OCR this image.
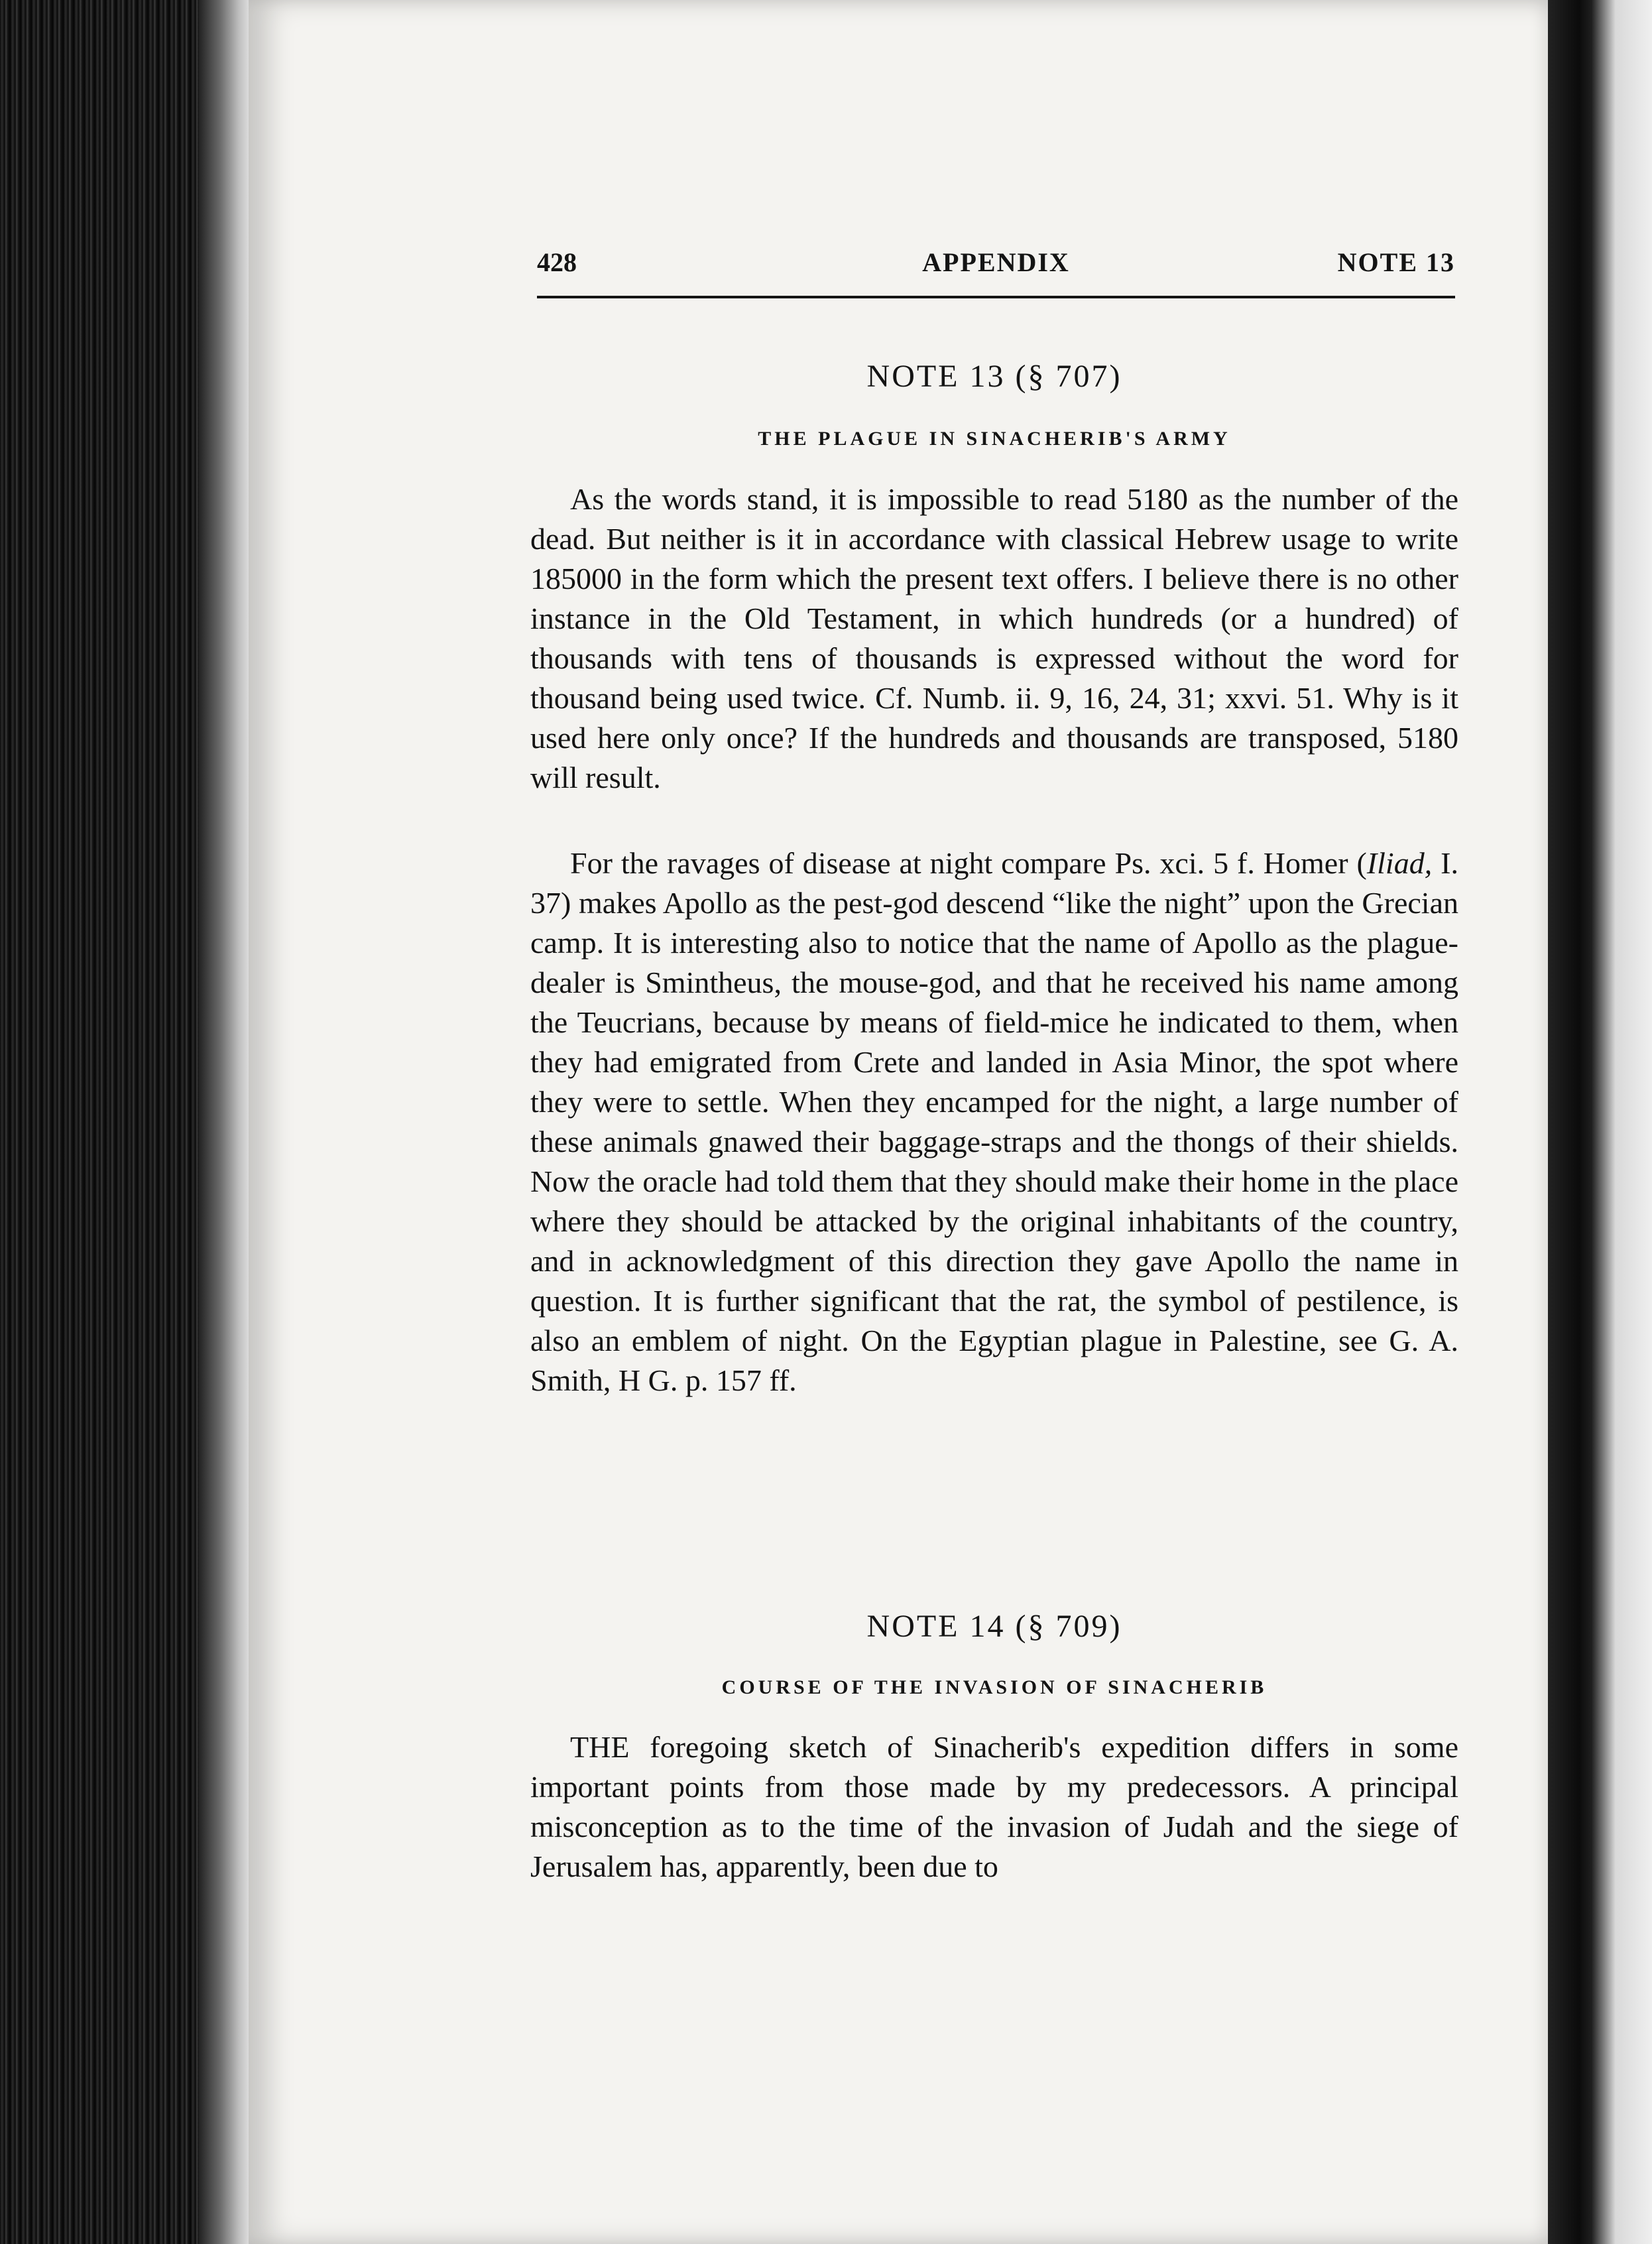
428	APPENDIX	NOTE 13

NOTE 13 (§ 707)

THE PLAGUE IN SINACHERIB'S ARMY

As the words stand, it is impossible to read 5180 as the number of the dead. But neither is it in accordance with classical Hebrew usage to write 185000 in the form which the present text offers. I believe there is no other instance in the Old Testament, in which hundreds (or a hundred) of thousands with tens of thousands is expressed without the word for thousand being used twice. Cf. Numb. ii. 9, 16, 24, 31; xxvi. 51. Why is it used here only once? If the hundreds and thousands are transposed, 5180 will result.

For the ravages of disease at night compare Ps. xci. 5 f. Homer (Iliad, I. 37) makes Apollo as the pest-god descend “like the night” upon the Grecian camp. It is interesting also to notice that the name of Apollo as the plague-dealer is Smintheus, the mouse-god, and that he received his name among the Teucrians, because by means of field-mice he indicated to them, when they had emigrated from Crete and landed in Asia Minor, the spot where they were to settle. When they encamped for the night, a large number of these animals gnawed their baggage-straps and the thongs of their shields. Now the oracle had told them that they should make their home in the place where they should be attacked by the original inhabitants of the country, and in acknowledgment of this direction they gave Apollo the name in question. It is further significant that the rat, the symbol of pestilence, is also an emblem of night. On the Egyptian plague in Palestine, see G. A. Smith, H G. p. 157 ff.

NOTE 14 (§ 709)

COURSE OF THE INVASION OF SINACHERIB

THE foregoing sketch of Sinacherib's expedition differs in some important points from those made by my predecessors. A principal misconception as to the time of the invasion of Judah and the siege of Jerusalem has, apparently, been due to
